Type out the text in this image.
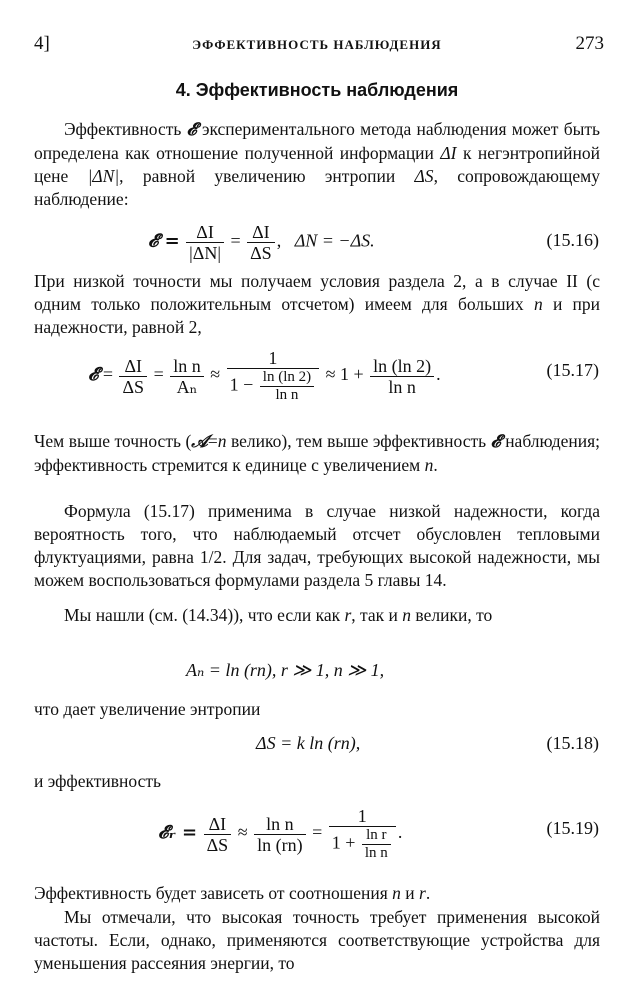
4]	ЭФФЕКТИВНОСТЬ НАБЛЮДЕНИЯ	273
4. Эффективность наблюдения

Эффективность 𝓔 экспериментального метода наблюдения может быть определена как отношение полученной информации ΔI к негэнтропийной цене |ΔN|, равной увеличению энтропии ΔS, сопровождающему наблюдение:

𝓔 = $\frac{\Delta I}{|\Delta N|} = \frac{\Delta I}{\Delta S}$ ,   ΔN = −ΔS.	(15.16)

При низкой точности мы получаем условия раздела 2, а в случае II (с одним только положительным отсчетом) имеем для больших n и при надежности, равной 2,

𝓔 = $\frac{\Delta I}{\Delta S} = \frac{\text{ln n}}{\text{Aₙ}} \approx \frac{1}{1 - \frac{\ln (\ln 2)}{\text{ln n}}} \approx 1 + \frac{\ln (\ln 2)}{\text{ln n}}$ .	(15.17)

Чем выше точность (𝒜=n велико), тем выше эффективность 𝓔 наблюдения; эффективность стремится к единице с увеличением n.

Формула (15.17) применима в случае низкой надежности, когда вероятность того, что наблюдаемый отсчет обусловлен тепловыми флуктуациями, равна 1/2. Для задач, требующих высокой надежности, мы можем воспользоваться формулами раздела 5 главы 14.

Мы нашли (см. (14.34)), что если как r, так и n велики, то

Aₙ = ln (rn), r ≫ 1, n ≫ 1,

что дает увеличение энтропии

ΔS = k ln (rn),	(15.18)

и эффективность

𝓔ᵣ = $\frac{\Delta I}{\Delta S} \approx \frac{\text{ln n}}{\ln (rn)} = \frac{1}{1 + \frac{\text{ln r}}{\text{ln n}}}$ .	(15.19)

Эффективность будет зависеть от соотношения n и r.

Мы отмечали, что высокая точность требует применения высокой частоты. Если, однако, применяются соответствующие устройства для уменьшения рассеяния энергии, то
